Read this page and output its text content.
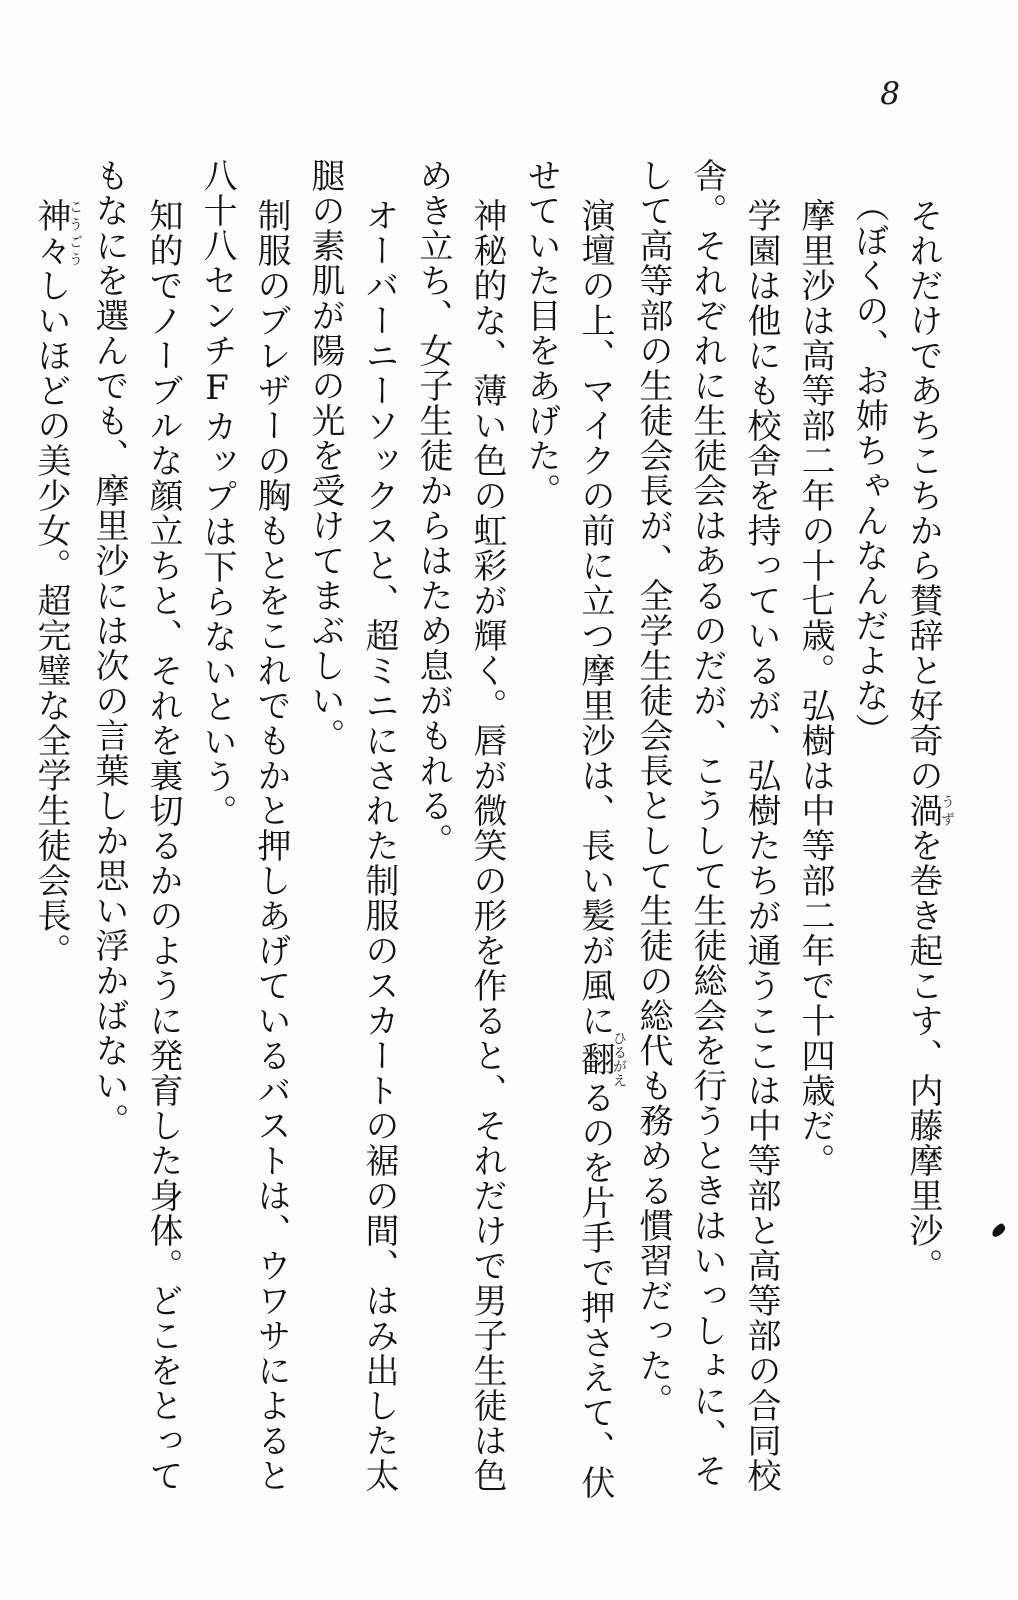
8
それだけであちこちから賛辞と好奇の渦うずを巻き起こす、内藤摩里沙。
（ぼくの、お姉ちゃんなんだよな）
摩里沙は高等部二年の十七歳。弘樹は中等部二年で十四歳だ。
学園は他にも校舎を持っているが、弘樹たちが通うここは中等部と高等部の合同校
舎。それぞれに生徒会はあるのだが、こうして生徒総会を行うときはいっしょに、そ
して高等部の生徒会長が、全学生徒会長として生徒の総代も務める慣習だった。
演壇の上、マイクの前に立つ摩里沙は、長い髪が風に翻ひるがえるのを片手で押さえて、伏
せていた目をあげた。
神秘的な、薄い色の虹彩が輝く。唇が微笑の形を作ると、それだけで男子生徒は色
めき立ち、女子生徒からはため息がもれる。
オーバーニーソックスと、超ミニにされた制服のスカートの裾の間、はみ出した太
腿の素肌が陽の光を受けてまぶしい。
制服のブレザーの胸もとをこれでもかと押しあげているバストは、ウワサによると
八十八センチFカップは下らないという。
知的でノーブルな顔立ちと、それを裏切るかのように発育した身体。どこをとって
もなにを選んでも、摩里沙には次の言葉しか思い浮かばない。
神々こうごうしいほどの美少女。超完璧な全学生徒会長。
